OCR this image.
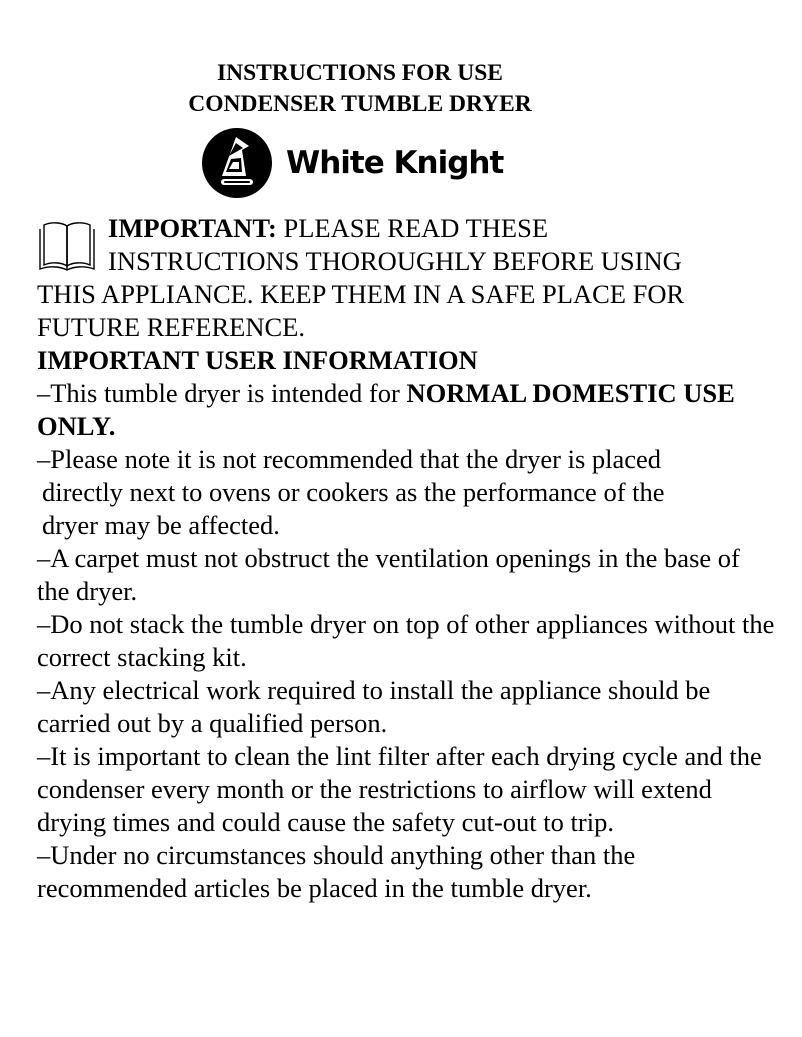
INSTRUCTIONS FOR USE
CONDENSER TUMBLE DRYER
White Knight

IMPORTANT: PLEASE READ THESE

INSTRUCTIONS THOROUGHLY BEFORE USING

THIS APPLIANCE. KEEP THEM IN A SAFE PLACE FOR FUTURE REFERENCE.

IMPORTANT USER INFORMATION

–This tumble dryer is intended for NORMAL DOMESTIC USE ONLY.

–Please note it is not recommended that the dryer is placed
directly next to ovens or cookers as the performance of the
dryer may be affected.

–A carpet must not obstruct the ventilation openings in the base of the dryer.

–Do not stack the tumble dryer on top of other appliances without the correct stacking kit.

–Any electrical work required to install the appliance should be carried out by a qualified person.

–It is important to clean the lint filter after each drying cycle and the condenser every month or the restrictions to airflow will extend drying times and could cause the safety cut-out to trip.

–Under no circumstances should anything other than the recommended articles be placed in the tumble dryer.
